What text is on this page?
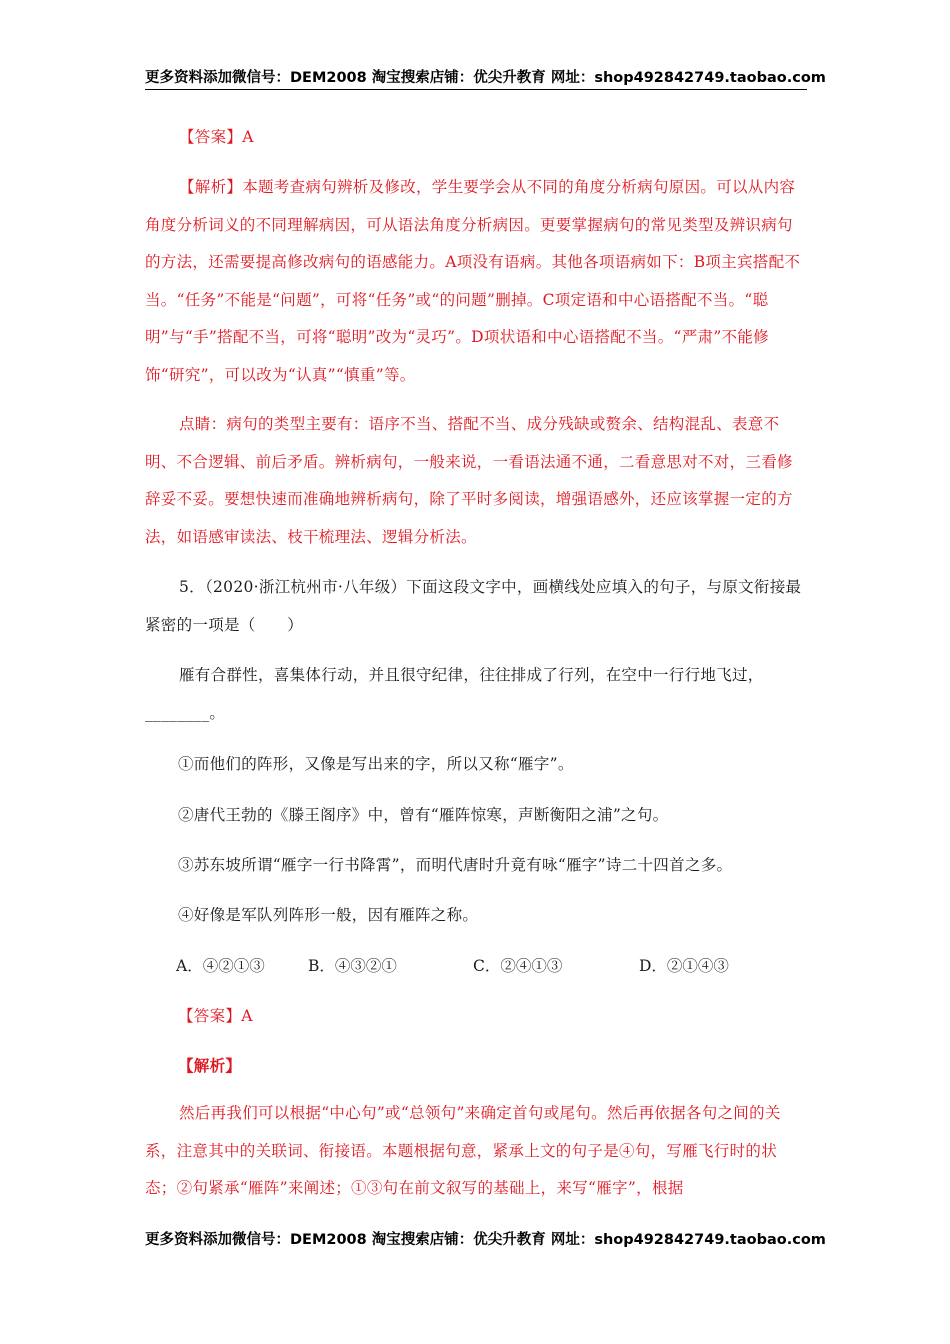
更多资料添加微信号：DEM2008 淘宝搜索店铺：优尖升教育 网址：shop492842749.taobao.com
【答案】A
【解析】本题考查病句辨析及修改，学生要学会从不同的角度分析病句原因。可以从内容角度分析词义的不同理解病因，可从语法角度分析病因。更要掌握病句的常见类型及辨识病句的方法，还需要提高修改病句的语感能力。A项没有语病。其他各项语病如下：B项主宾搭配不当。“任务”不能是“问题”，可将“任务”或“的问题”删掉。C项定语和中心语搭配不当。“聪明”与“手”搭配不当，可将“聪明”改为“灵巧”。D项状语和中心语搭配不当。“严肃”不能修饰“研究”，可以改为“认真”“慎重”等。
点睛：病句的类型主要有：语序不当、搭配不当、成分残缺或赘余、结构混乱、表意不明、不合逻辑、前后矛盾。辨析病句，一般来说，一看语法通不通，二看意思对不对，三看修辞妥不妥。要想快速而准确地辨析病句，除了平时多阅读，增强语感外，还应该掌握一定的方法，如语感审读法、枝干梳理法、逻辑分析法。
5．（2020·浙江杭州市·八年级）下面这段文字中，画横线处应填入的句子，与原文衔接最紧密的一项是（　　）
雁有合群性，喜集体行动，并且很守纪律，往往排成了行列，在空中一行行地飞过，________。
①而他们的阵形，又像是写出来的字，所以又称“雁字”。
②唐代王勃的《滕王阁序》中，曾有“雁阵惊寒，声断衡阳之浦”之句。
③苏东坡所谓“雁字一行书降霄”，而明代唐时升竟有咏“雁字”诗二十四首之多。
④好像是军队列阵形一般，因有雁阵之称。
A．④②①③	B．④③②①	C．②④①③	D．②①④③
【答案】A
【解析】
然后再我们可以根据“中心句”或“总领句”来确定首句或尾句。然后再依据各句之间的关系，注意其中的关联词、衔接语。本题根据句意，紧承上文的句子是④句，写雁飞行时的状态；②句紧承“雁阵”来阐述；①③句在前文叙写的基础上，来写“雁字”，根据
更多资料添加微信号：DEM2008 淘宝搜索店铺：优尖升教育 网址：shop492842749.taobao.com
